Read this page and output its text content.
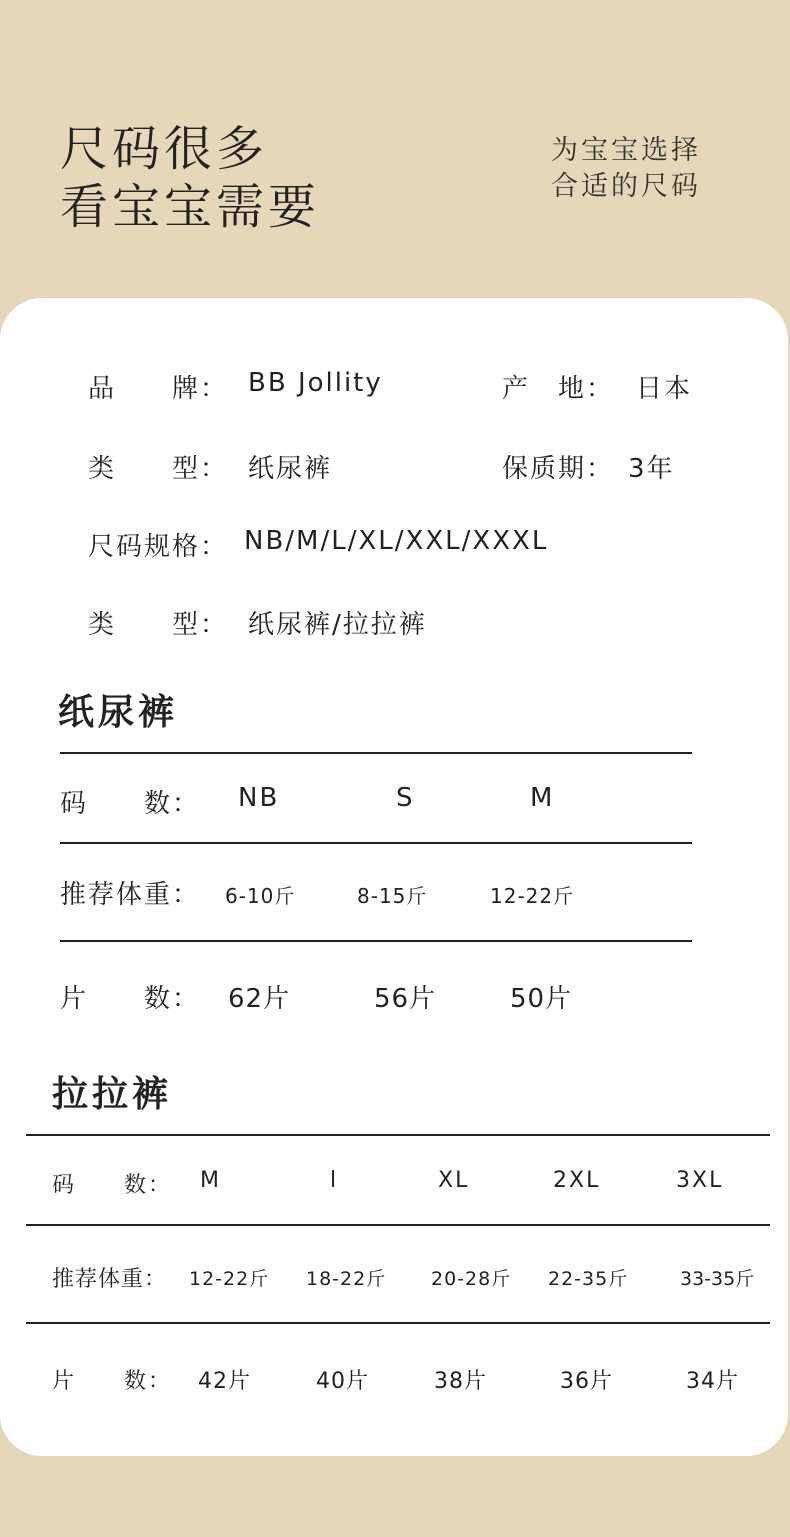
尺码很多
看宝宝需要
为宝宝选择
合适的尺码
品　　牌： BB Jollity	产　地： 日本
类　　型： 纸尿裤	保质期： 3年
尺码规格： NB/M/L/XL/XXL/XXXL
类　　型： 纸尿裤/拉拉裤
纸尿裤
码　　数： NB	S	M
推荐体重： 6-10斤	8-15斤	12-22斤
片　　数： 62片	56片	50片
拉拉裤
码　　数： M	l	XL	2XL	3XL
推荐体重： 12-22斤 18-22斤 20-28斤 22-35斤	33-35斤
片　　数： 42片	40片	38片	36片	34片
